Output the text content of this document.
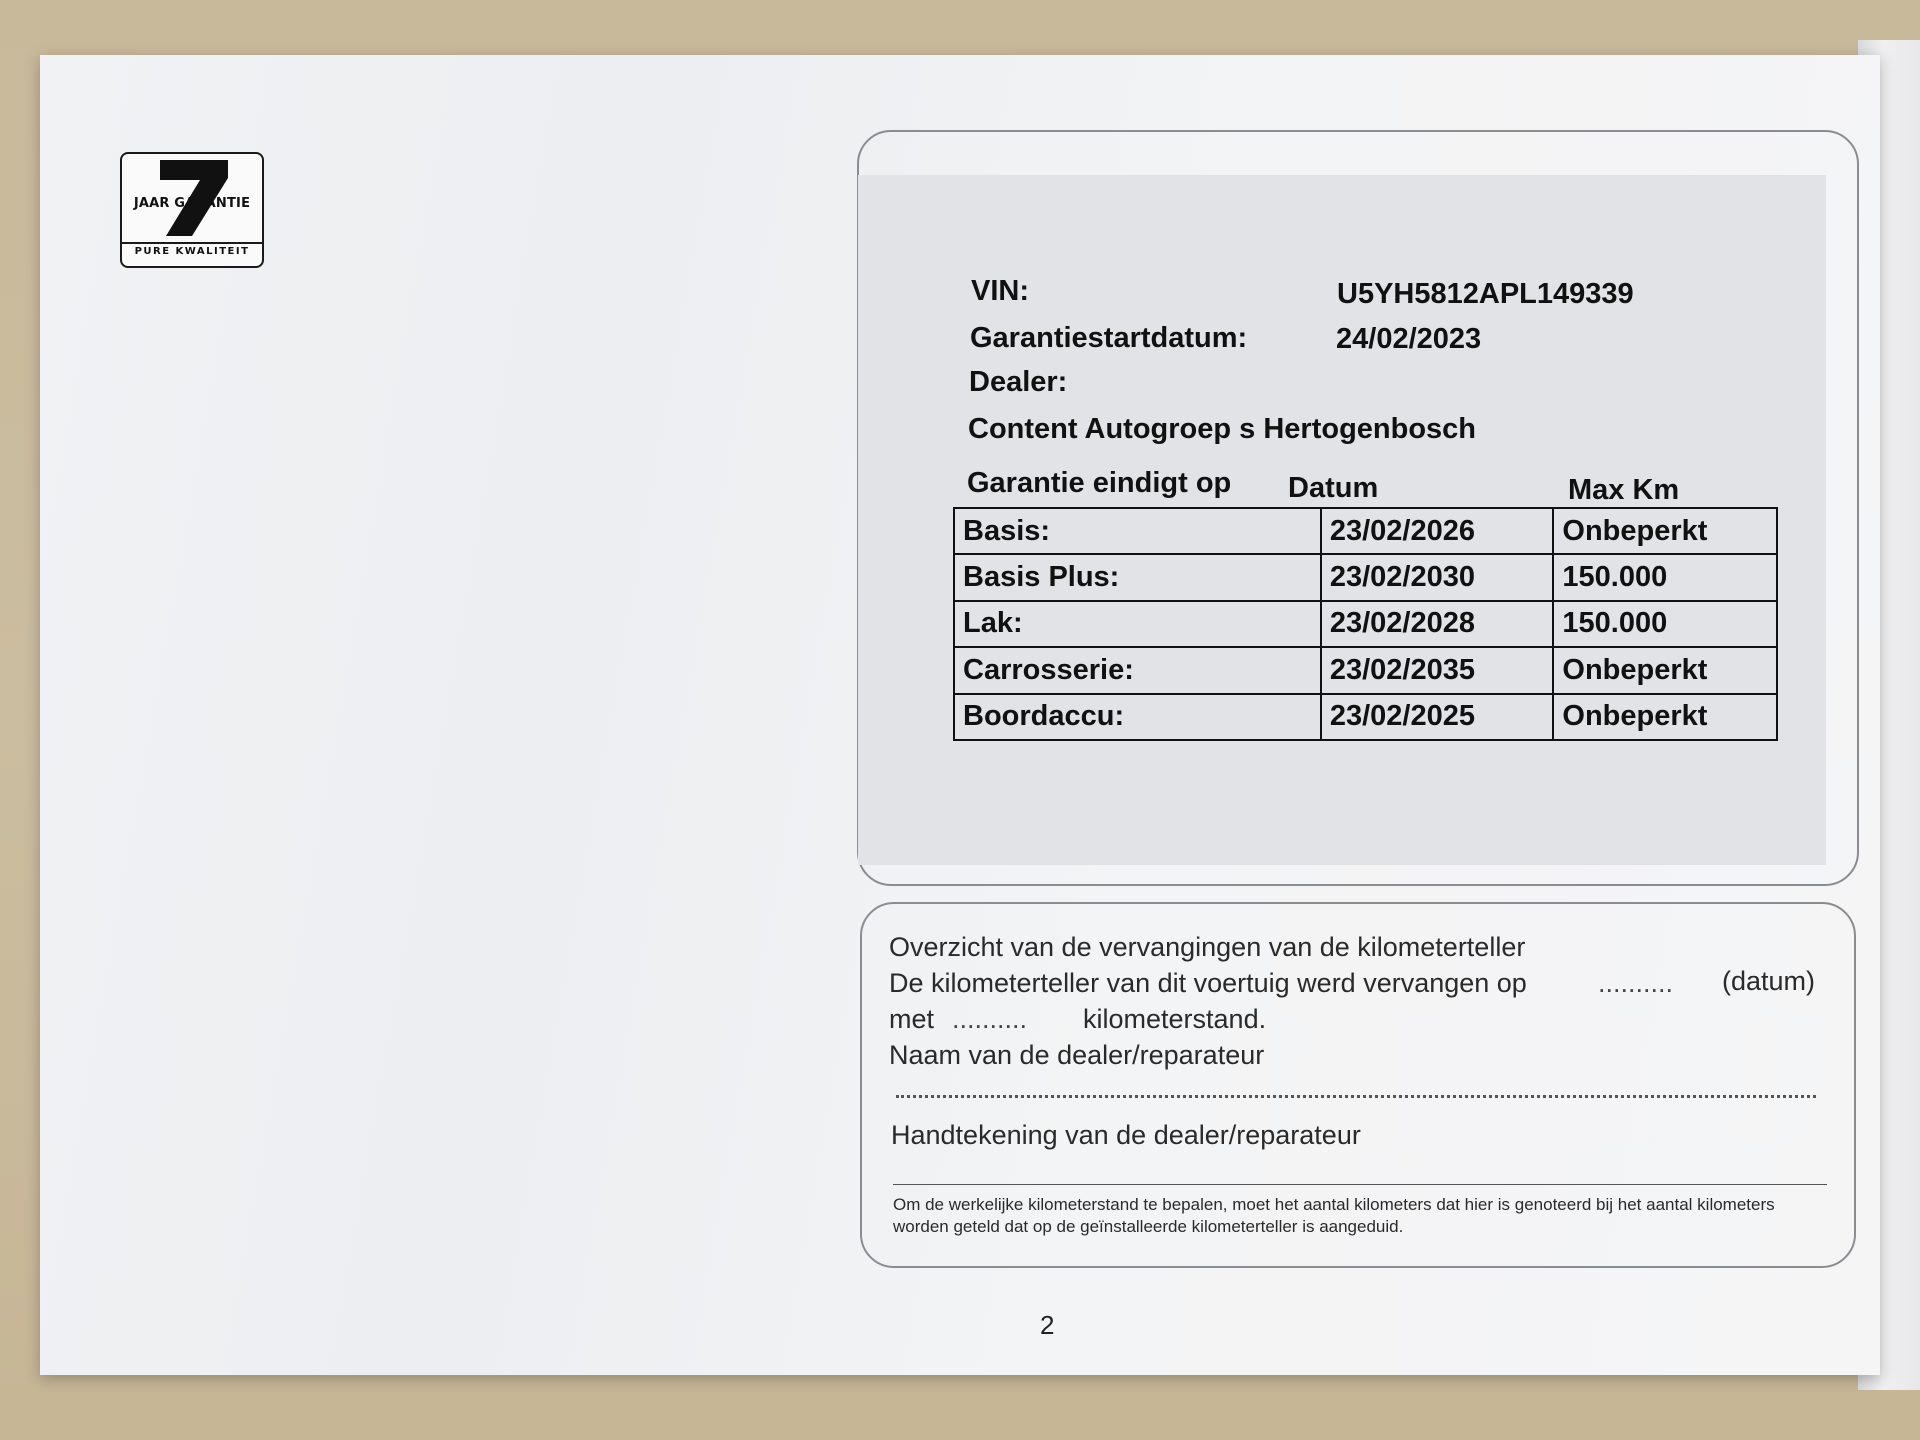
JAAR GARANTIE
PURE KWALITEIT
VIN:	U5YH5812APL149339
Garantiestartdatum:	24/02/2023
Dealer:
Content Autogroep s Hertogenbosch
Garantie eindigt op Datum	Max Km
Basis:	23/02/2026	Onbeperkt
Basis Plus:	23/02/2030	150.000
Lak:	23/02/2028	150.000
Carrosserie:	23/02/2035	Onbeperkt
Boordaccu:	23/02/2025	Onbeperkt
Overzicht van de vervangingen van de kilometerteller
De kilometerteller van dit voertuig werd vervangen op	.......... (datum)
met .......... kilometerstand.
Naam van de dealer/reparateur
Handtekening van de dealer/reparateur
Om de werkelijke kilometerstand te bepalen, moet het aantal kilometers dat hier is genoteerd bij het aantal kilometers worden geteld dat op de geïnstalleerde kilometerteller is aangeduid.
2
